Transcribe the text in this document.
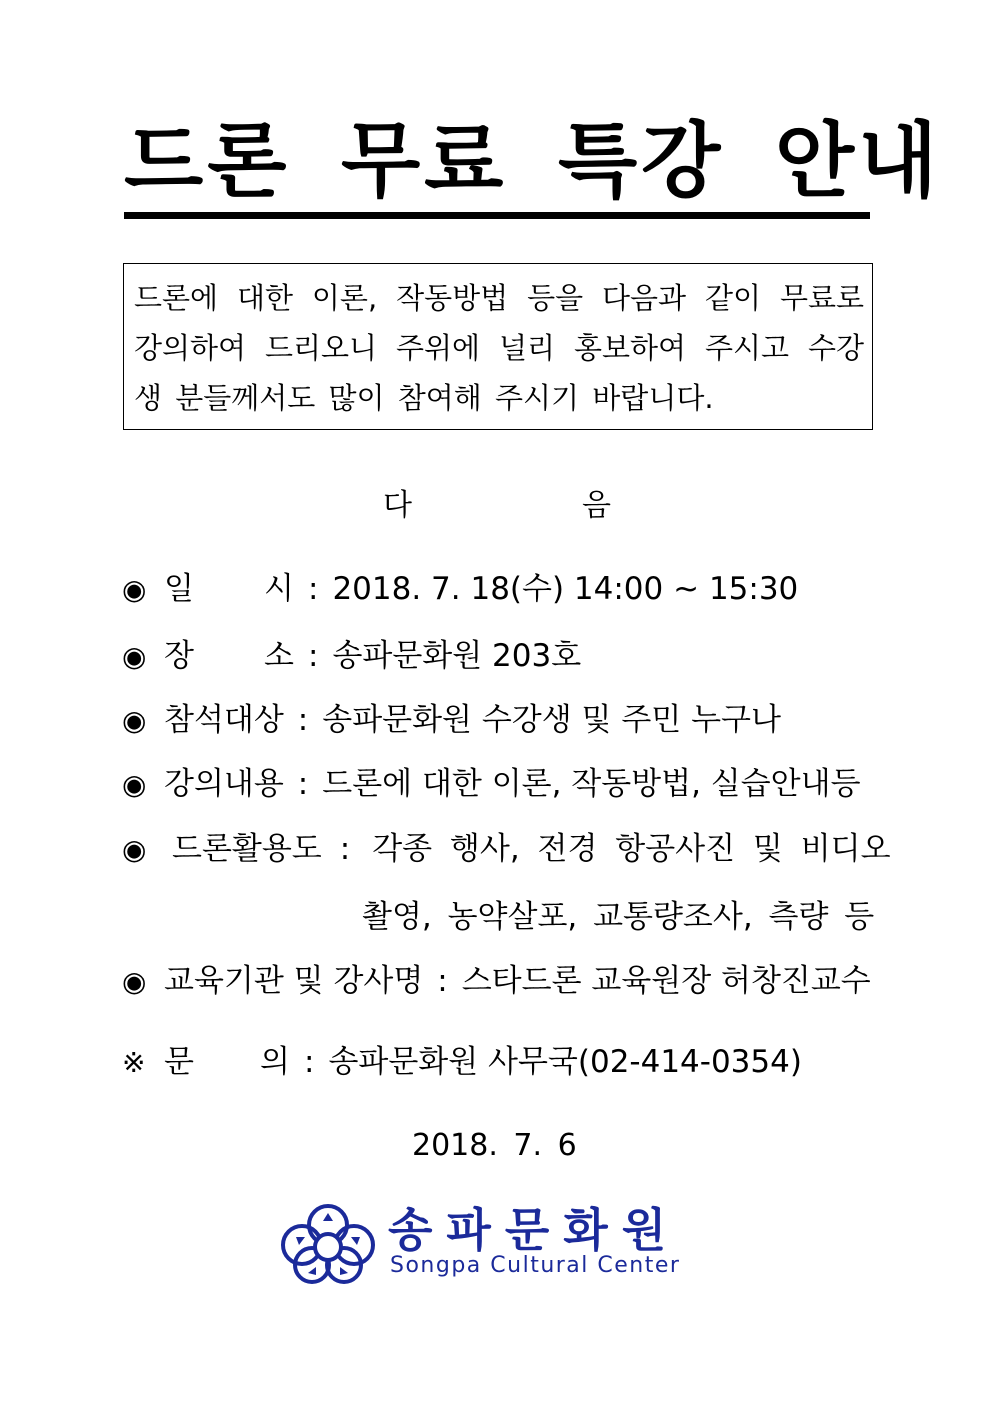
드론 무료 특강 안내
드론에 대한 이론, 작동방법 등을 다음과 같이 무료로
강의하여 드리오니 주위에 널리 홍보하여 주시고 수강
생 분들께서도 많이 참여해 주시기 바랍니다.
다	음
◉ 일 시 : 2018. 7. 18(수) 14:00 ~ 15:30
◉ 장 소 : 송파문화원 203호
◉ 참석대상 : 송파문화원 수강생 및 주민 누구나
◉ 강의내용 : 드론에 대한 이론, 작동방법, 실습안내등
◉ 드론활용도 : 각종 행사, 전경 항공사진 및 비디오
촬영, 농약살포, 교통량조사, 측량 등
◉ 교육기관 및 강사명 : 스타드론 교육원장 허창진교수
※ 문 의 : 송파문화원 사무국(02-414-0354)
2018. 7. 6
송파문화원
Songpa Cultural Center
